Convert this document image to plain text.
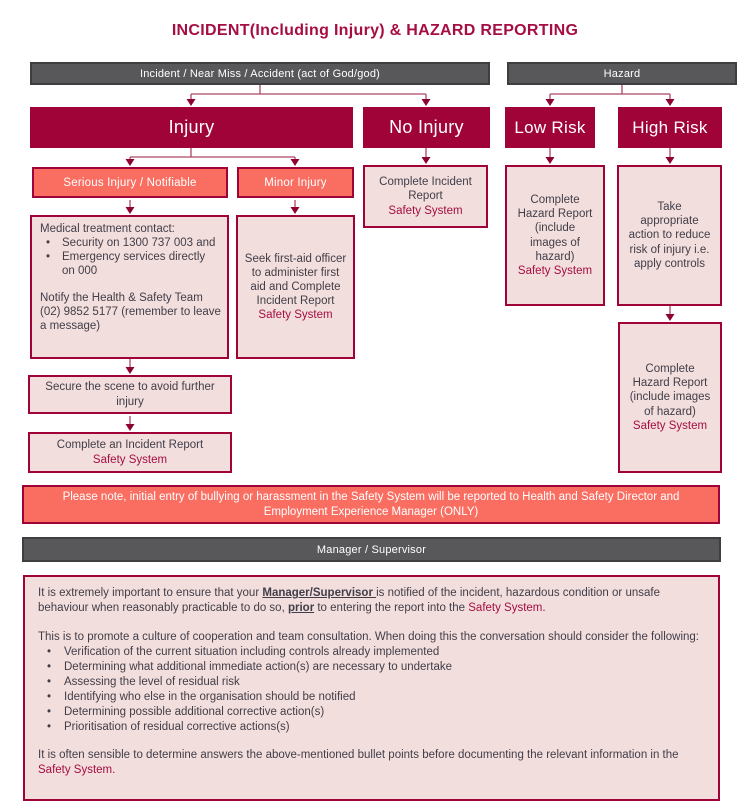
INCIDENT(Including Injury) & HAZARD REPORTING
Incident / Near Miss / Accident (act of God/god)	Hazard
Injury	No Injury	Low Risk	High Risk
Serious Injury / Notifiable	Minor Injury	Complete Incident Report
Safety System
Medical treatment contact:
• Security on 1300 737 003 and
• Emergency services directly on 000
Notify the Health & Safety Team (02) 9852 5177 (remember to leave a message)
Seek first-aid officer to administer first aid and Complete Incident Report
Safety System
Complete Hazard Report (include images of hazard)
Safety System
Take appropriate action to reduce risk of injury i.e. apply controls
Secure the scene to avoid further injury
Complete an Incident Report
Safety System
Complete Hazard Report (include images of hazard)
Safety System
Please note, initial entry of bullying or harassment in the Safety System will be reported to Health and Safety Director and Employment Experience Manager (ONLY)
Manager / Supervisor

It is extremely important to ensure that your Manager/Supervisor is notified of the incident, hazardous condition or unsafe behaviour when reasonably practicable to do so, prior to entering the report into the Safety System.

This is to promote a culture of cooperation and team consultation. When doing this the conversation should consider the following:

• Verification of the current situation including controls already implemented
• Determining what additional immediate action(s) are necessary to undertake
• Assessing the level of residual risk
• Identifying who else in the organisation should be notified
• Determining possible additional corrective action(s)
• Prioritisation of residual corrective actions(s)

It is often sensible to determine answers the above-mentioned bullet points before documenting the relevant information in the Safety System.
